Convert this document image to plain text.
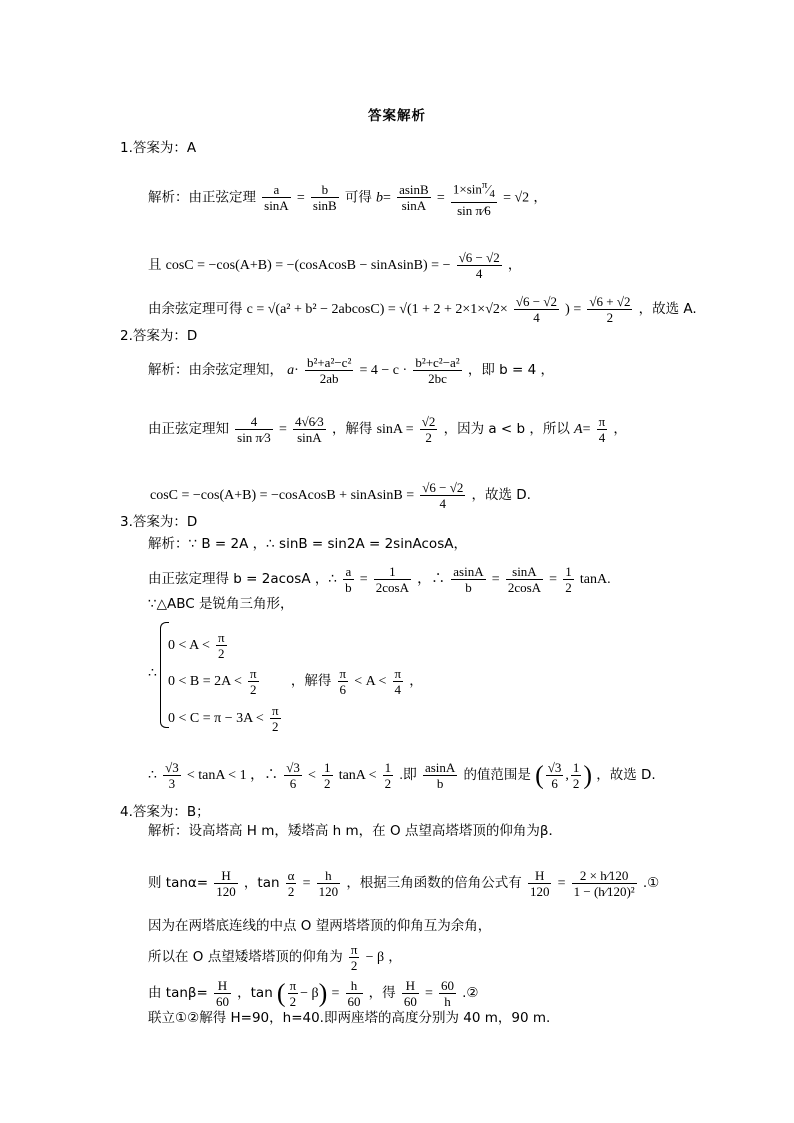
答案解析
1.答案为：A
解析：由正弦定理 $\frac{a}{\sin A} = \frac{b}{\sin B}$ 可得 $b= \frac{asinB}{\sin A} = \frac{1\times\sin^\pi⁄_4}{\text{sin π⁄6}} = √2$ ，
且 cosC = −cos(A+B) = −(cosAcosB − sinAsinB) = − $\frac{√6 - √2}{4}$ ，
由余弦定理可得 $c = √(a^2 + b^2 - 2abcosC) = √(1 + 2 + 2\times 1\times√2\times \frac{√6 - √2}{4}$ ) = $\frac{√6 + √2}{2}$ ，故选 A.
2.答案为：D
解析：由余弦定理知， $a\cdot \frac{\text{b²+a²−c²}}{2ab} = 4 - c \cdot \frac{\text{b²+c²−a²}}{2bc}$ ，即 b = 4 ，
由正弦定理知 $\frac{4}{\text{sin π⁄3}} = \frac{4√6⁄3}{\sin A}$ ，解得 $\sin A = \frac{√2}{2}$ ，因为 a < b ，所以 $A= \frac{\pi}{4}$ ，
cosC = −cos(A+B) = −cosAcosB + sinAsinB = $\frac{√6 - √2}{4}$ ，故选 D.
3.答案为：D
解析：∵ B = 2A ，∴ sinB = sin2A = 2sinAcosA，
由正弦定理得 b = 2acosA ，∴ $\frac{a}{b} = \frac{1}{2\cos A}$ ，∴ $\frac{asinA}{b} = \frac{\sin A}{2\cos A} = \frac{1}{2} \tan A$.
∵△ABC 是锐角三角形，
∴
$0 < A < \frac{\pi}{2}$
$0 < B = 2A < \frac{\pi}{2}$ ，解得 $\frac{\pi}{6} < A < \frac{\pi}{4}$ ，
$0 < C = \pi - 3A < \frac{\pi}{2}$
∴ $\frac{√3}{3} < \tan A < 1$ ，∴ $\frac{√3}{6} < \frac{1}{2}$ $\tan A < \frac{1}{2}$ .即 $\frac{asinA}{b}$ 的值范围是 ( $\frac{√3}{6}$ , $\frac{1}{2}$ ) ，故选 D.
4.答案为：B；
解析：设高塔高 H m，矮塔高 h m，在 O 点望高塔塔顶的仰角为β．
则 $\tan\alpha= \frac{H}{120}$ ，$\tan \frac{\alpha}{2} = \frac{h}{120}$ ，根据三角函数的倍角公式有 $\frac{H}{120} = \frac{2 \times h⁄120}{\text{1 − (h⁄120)²}}$ .①
因为在两塔底连线的中点 O 望两塔塔顶的仰角互为余角，
所以在 O 点望矮塔塔顶的仰角为 $\frac{\pi}{2} - \beta$ ，
由 $\tan\beta= \frac{H}{60}$ ，tan ( $\frac{\pi}{2} - \beta) = \frac{h}{60}$ ，得 $\frac{H}{60} = \frac{60}{h}$ .②
联立①②解得 H=90，h=40.即两座塔的高度分别为 40 m，90 m.
